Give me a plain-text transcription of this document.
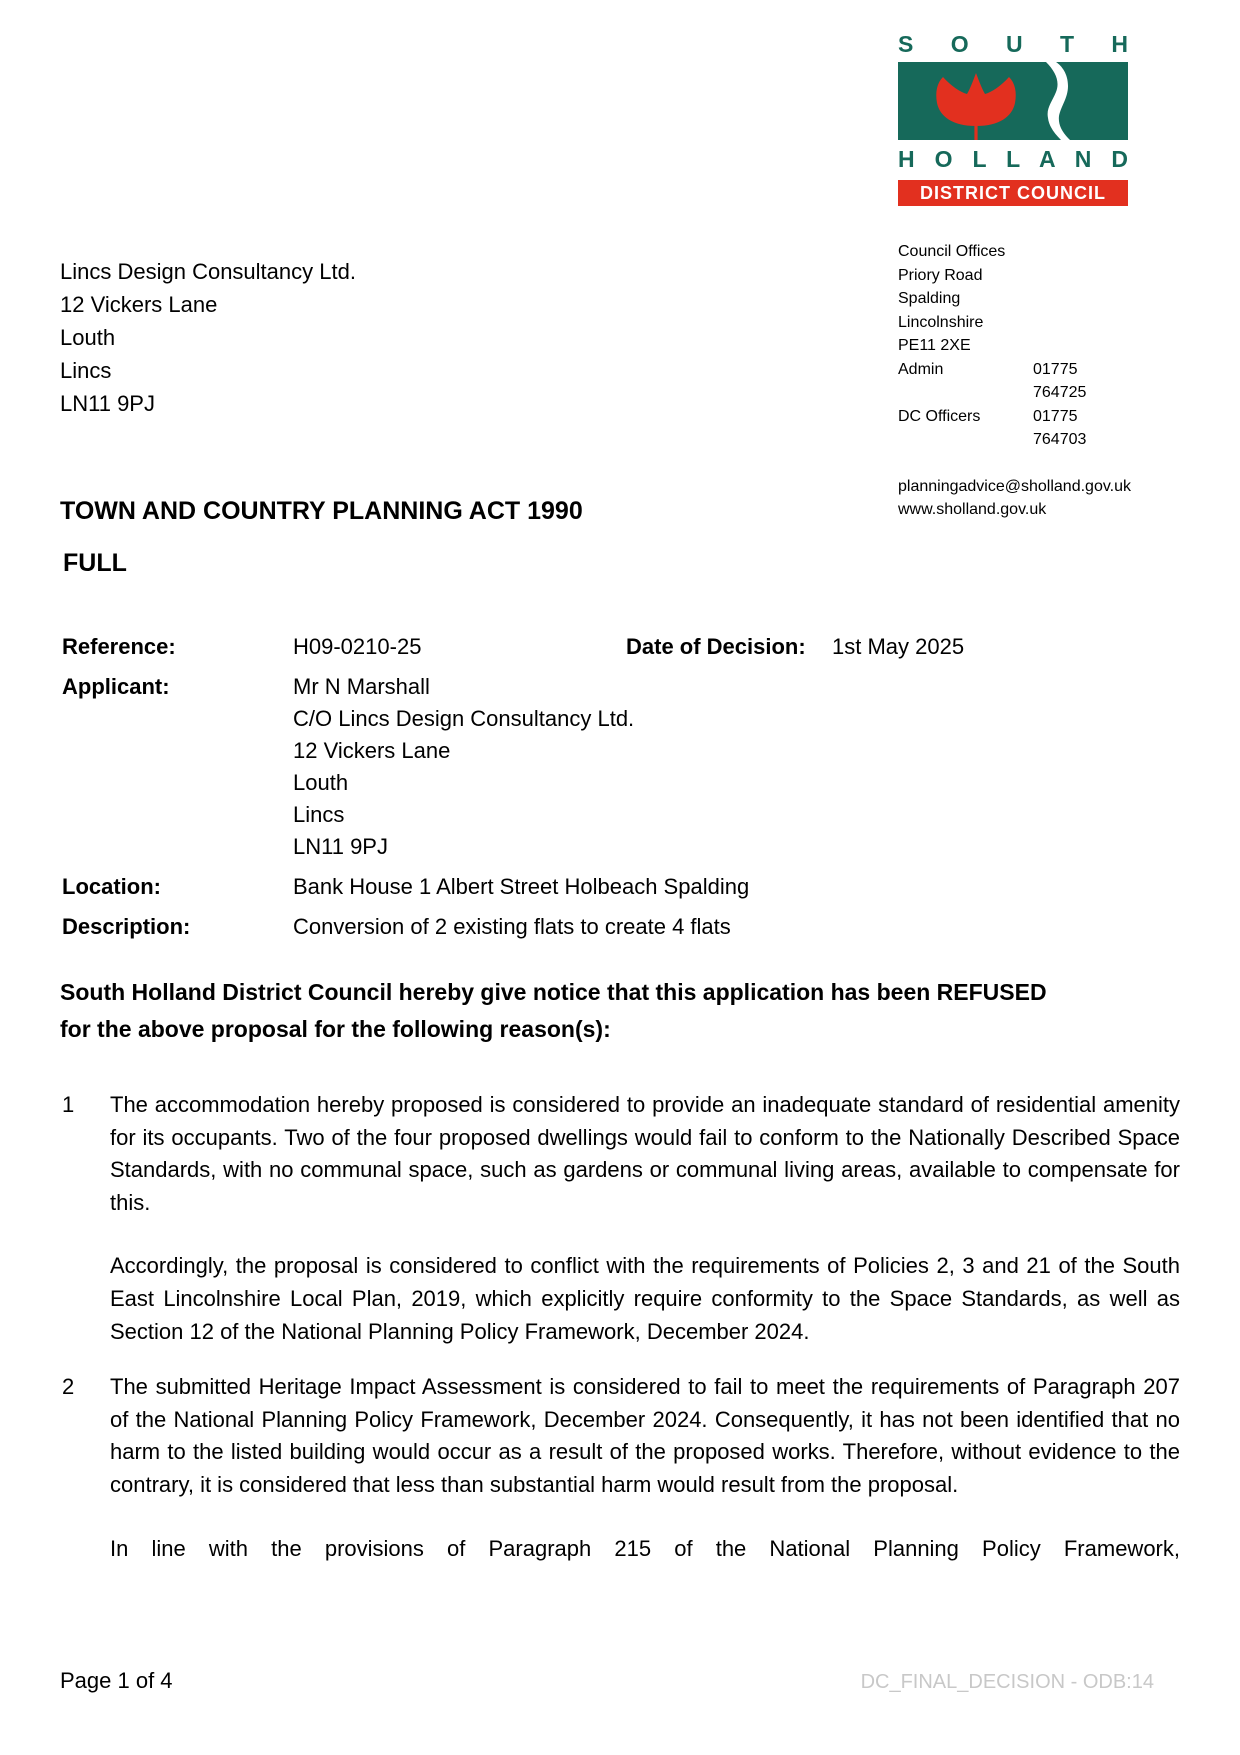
Lincs Design Consultancy Ltd.
12 Vickers Lane
Louth
Lincs
LN11 9PJ
S O U T H
H O L L A N D
DISTRICT COUNCIL
Council Offices
Priory Road
Spalding
Lincolnshire
PE11 2XE
Admin	01775 764725
DC Officers	01775 764703
planningadvice@sholland.gov.uk
www.sholland.gov.uk
TOWN AND COUNTRY PLANNING ACT 1990
FULL
Reference:	H09-0210-25	Date of Decision:	1st May 2025
Applicant:	Mr N Marshall
C/O Lincs Design Consultancy Ltd.
12 Vickers Lane
Louth
Lincs
LN11 9PJ
Location:	Bank House 1 Albert Street Holbeach Spalding
Description:	Conversion of 2 existing flats to create 4 flats

South Holland District Council hereby give notice that this application has been REFUSED for the above proposal for the following reason(s):

1	The accommodation hereby proposed is considered to provide an inadequate standard of residential amenity for its occupants. Two of the four proposed dwellings would fail to conform to the Nationally Described Space Standards, with no communal space, such as gardens or communal living areas, available to compensate for this.

Accordingly, the proposal is considered to conflict with the requirements of Policies 2, 3 and 21 of the South East Lincolnshire Local Plan, 2019, which explicitly require conformity to the Space Standards, as well as Section 12 of the National Planning Policy Framework, December 2024.

2	The submitted Heritage Impact Assessment is considered to fail to meet the requirements of Paragraph 207 of the National Planning Policy Framework, December 2024. Consequently, it has not been identified that no harm to the listed building would occur as a result of the proposed works. Therefore, without evidence to the contrary, it is considered that less than substantial harm would result from the proposal.

In line with the provisions of Paragraph 215 of the National Planning Policy Framework,

Page 1 of 4	DC_FINAL_DECISION - ODB:14
